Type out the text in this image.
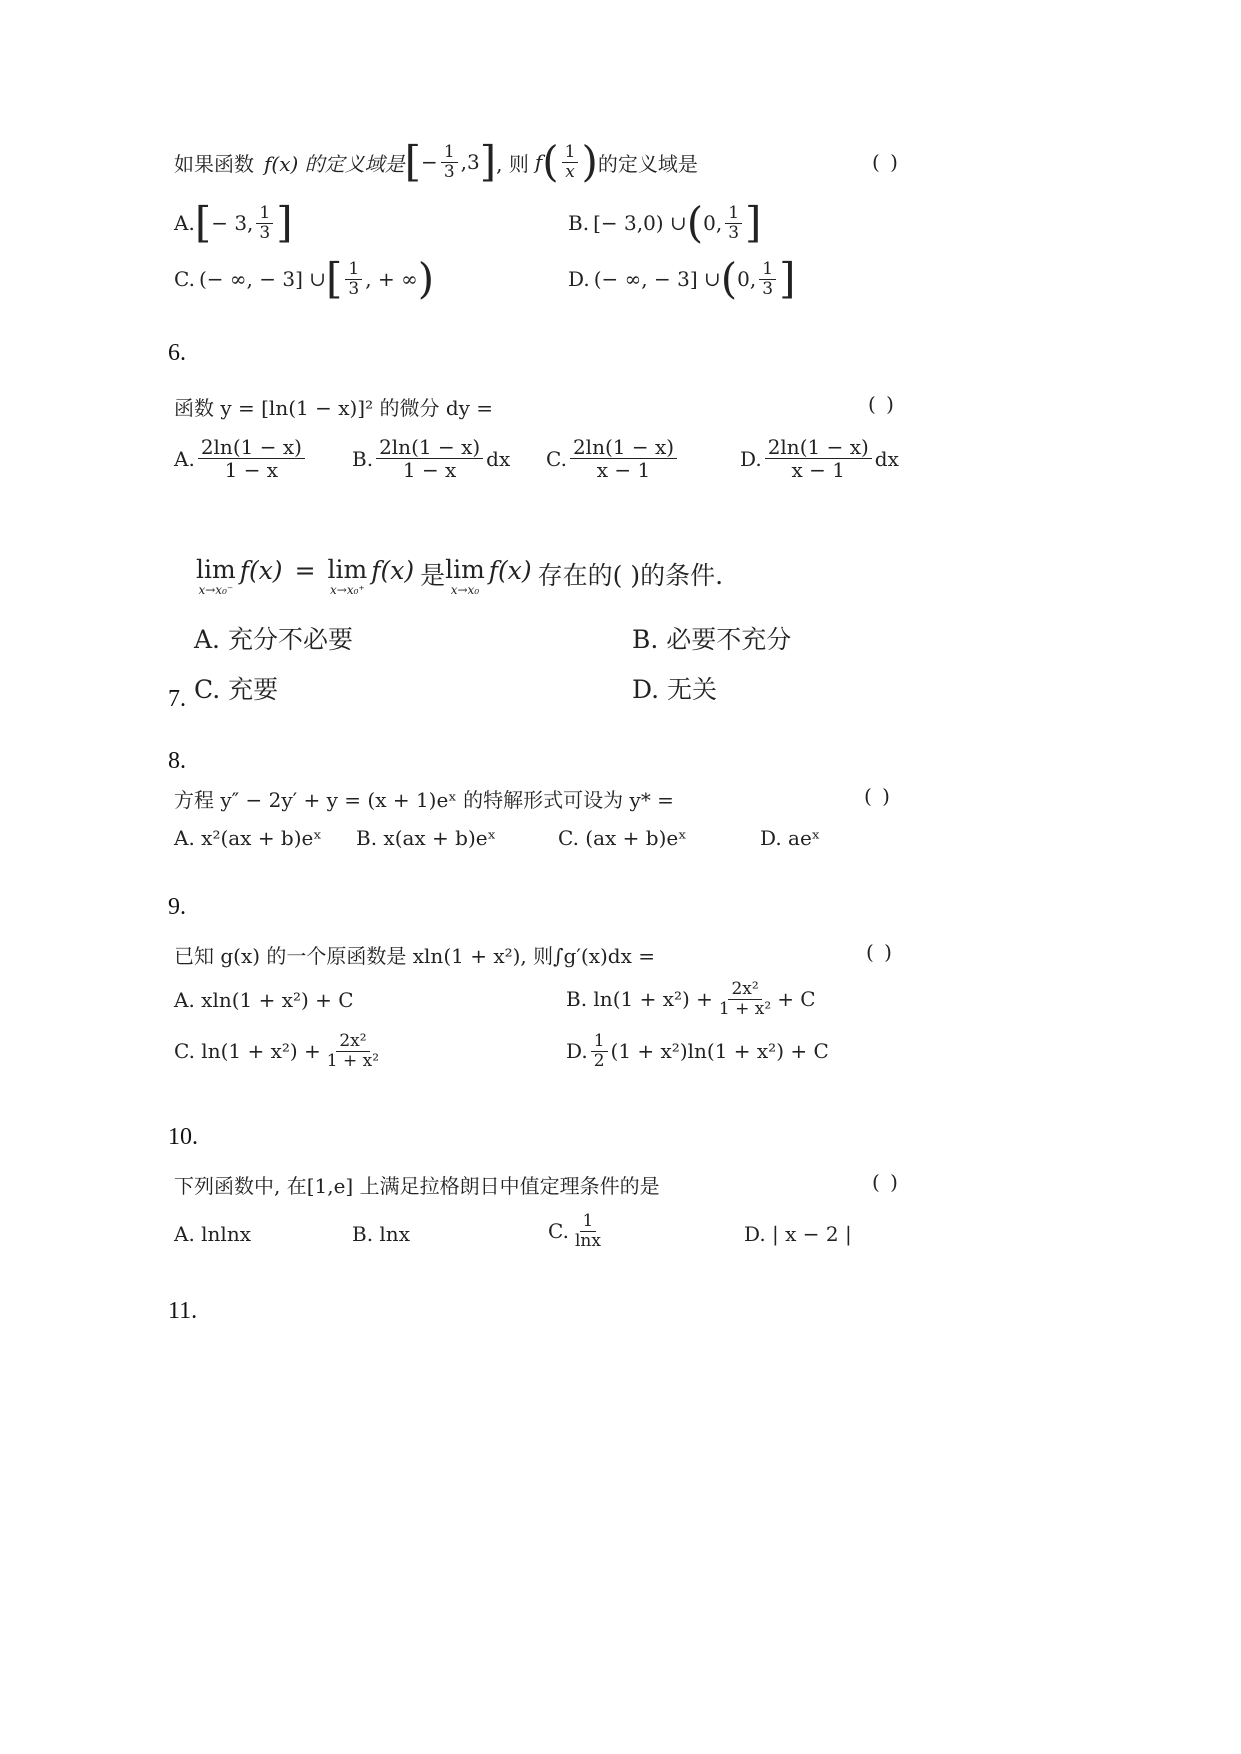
如果函数 f(x) 的定义域是 [ − $\frac{1}{3} ,3$ ] , 则 f ( $\frac{1}{x}$ ) 的定义域是	( )
A. [ − 3, $\frac{1}{3}$ ]	B. [− 3,0) ∪ ( 0, $\frac{1}{3}$ ]
C. (− ∞, − 3] ∪ [ $\frac{1}{3}$ , + ∞ )	D. (− ∞, − 3] ∪ ( 0, $\frac{1}{3}$ ]
6.
函数 y = [ln(1 − x)]² 的微分 dy =	( )
A. $\frac{2\ln(1 - x)}{1 - x} B$. $\frac{2\ln(1 - x)}{1 - x}$ dx C. $\frac{2\ln(1 - x)}{x - 1}$	D. $\frac{2\ln(1 - x)}{x - 1}$ dx
lim
x→x₀⁻
f(x) = lim
x→x₀⁺
f(x) 是 lim
x→x₀
f(x) 存在的( )的条件.
A. 充分不必要	B. 必要不充分
C. 充要	D. 无关
7.
8.
方程 y″ − 2y′ + y = (x + 1)eˣ 的特解形式可设为 y* =	( )
A. x²(ax + b)eˣ B. x(ax + b)eˣ	C. (ax + b)eˣ	D. aeˣ
9.
已知 g(x) 的一个原函数是 xln(1 + x²), 则∫g′(x)dx =	( )
A. xln(1 + x²) + C	B. $\ln(1 + x^2) + \frac{\text{2x²}}{\text{1 + x²}} + C$
C. $\ln(1 + x^2) + \frac{\text{2x²}}{\text{1 + x²}}$	D. $\frac{1}{2} (1 + x^2)\ln(1 + x^2) + C$
10.
下列函数中, 在[1,e] 上满足拉格朗日中值定理条件的是	( )
A. lnlnx	B. lnx	C. $\frac{1}{\ln x}$	D. | x − 2 |
11.
